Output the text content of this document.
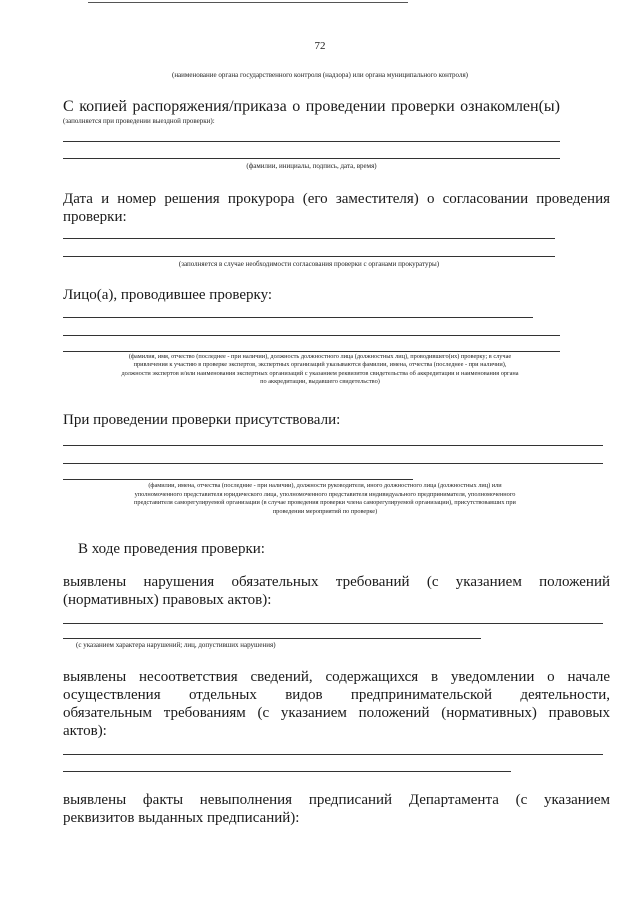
72
(наименование органа государственного контроля (надзора) или органа муниципального контроля)
С копией распоряжения/приказа о проведении проверки ознакомлен(ы)
(заполняется при проведении выездной проверки):
(фамилии, инициалы, подпись, дата, время)
Дата и номер решения прокурора (его заместителя) о согласовании проведения
проверки:
(заполняется в случае необходимости согласования проверки с органами прокуратуры)
Лицо(а), проводившее проверку:
(фамилия, имя, отчество (последнее - при наличии), должность должностного лица (должностных лиц), проводившего(их) проверку; в случае
привлечения к участию в проверке экспертов, экспертных организаций указываются фамилии, имена, отчества (последнее - при наличии),
должности экспертов и/или наименования экспертных организаций с указанием реквизитов свидетельства об аккредитации и наименования органа
по аккредитации, выдавшего свидетельство)
При проведении проверки присутствовали:
(фамилии, имена, отчества (последние - при наличии), должности руководителя, иного должностного лица (должностных лиц) или
уполномоченного представителя юридического лица, уполномоченного представителя индивидуального предпринимателя, уполномоченного
представителя саморегулируемой организации (в случае проведения проверки члена саморегулируемой организации), присутствовавших при
проведении мероприятий по проверке)
В ходе проведения проверки:
выявлены нарушения обязательных требований (с указанием положений
(нормативных) правовых актов):
(с указанием характера нарушений; лиц, допустивших нарушения)
выявлены несоответствия сведений, содержащихся в уведомлении о начале
осуществления отдельных видов предпринимательской деятельности,
обязательным требованиям (с указанием положений (нормативных) правовых
актов):
выявлены факты невыполнения предписаний Департамента (с указанием
реквизитов выданных предписаний):
